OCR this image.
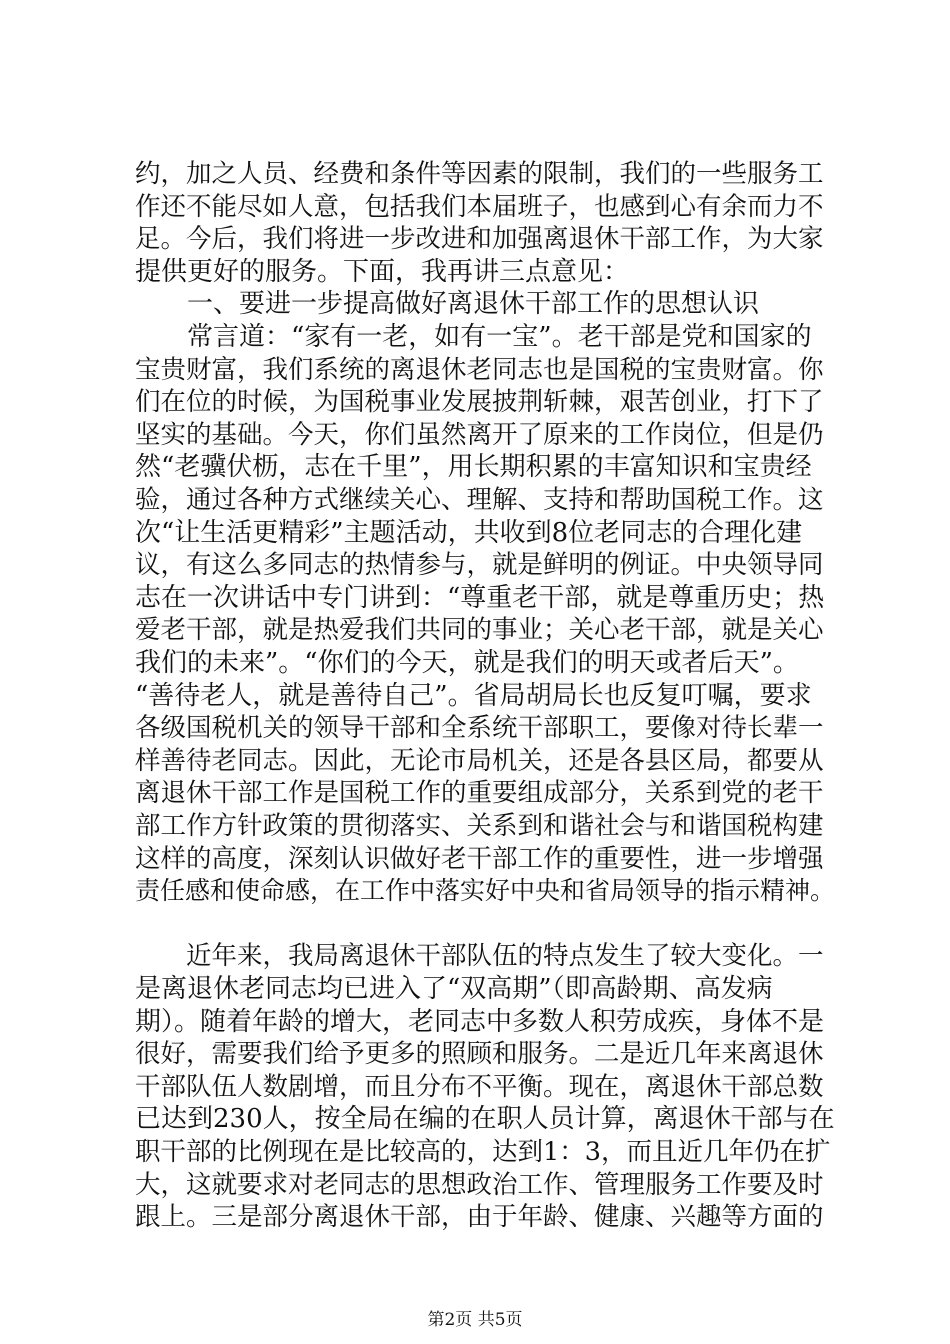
约，加之人员、经费和条件等因素的限制，我们的一些服务工
作还不能尽如人意，包括我们本届班子，也感到心有余而力不
足。今后，我们将进一步改进和加强离退休干部工作，为大家
提供更好的服务。下面，我再讲三点意见：
　　一、要进一步提高做好离退休干部工作的思想认识
　　常言道：“家有一老，如有一宝”。老干部是党和国家的
宝贵财富，我们系统的离退休老同志也是国税的宝贵财富。你
们在位的时候，为国税事业发展披荆斩棘，艰苦创业，打下了
坚实的基础。今天，你们虽然离开了原来的工作岗位，但是仍
然“老骥伏枥，志在千里”，用长期积累的丰富知识和宝贵经
验，通过各种方式继续关心、理解、支持和帮助国税工作。这
次“让生活更精彩”主题活动，共收到8位老同志的合理化建
议，有这么多同志的热情参与，就是鲜明的例证。中央领导同
志在一次讲话中专门讲到：“尊重老干部，就是尊重历史；热
爱老干部，就是热爱我们共同的事业；关心老干部，就是关心
我们的未来”。“你们的今天，就是我们的明天或者后天”。
“善待老人，就是善待自己”。省局胡局长也反复叮嘱，要求
各级国税机关的领导干部和全系统干部职工，要像对待长辈一
样善待老同志。因此，无论市局机关，还是各县区局，都要从
离退休干部工作是国税工作的重要组成部分，关系到党的老干
部工作方针政策的贯彻落实、关系到和谐社会与和谐国税构建
这样的高度，深刻认识做好老干部工作的重要性，进一步增强
责任感和使命感，在工作中落实好中央和省局领导的指示精神。
　　近年来，我局离退休干部队伍的特点发生了较大变化。一
是离退休老同志均已进入了“双高期”（即高龄期、高发病
期）。随着年龄的增大，老同志中多数人积劳成疾，身体不是
很好，需要我们给予更多的照顾和服务。二是近几年来离退休
干部队伍人数剧增，而且分布不平衡。现在，离退休干部总数
已达到230人，按全局在编的在职人员计算，离退休干部与在
职干部的比例现在是比较高的，达到1：3，而且近几年仍在扩
大，这就要求对老同志的思想政治工作、管理服务工作要及时
跟上。三是部分离退休干部，由于年龄、健康、兴趣等方面的
第2页 共5页
